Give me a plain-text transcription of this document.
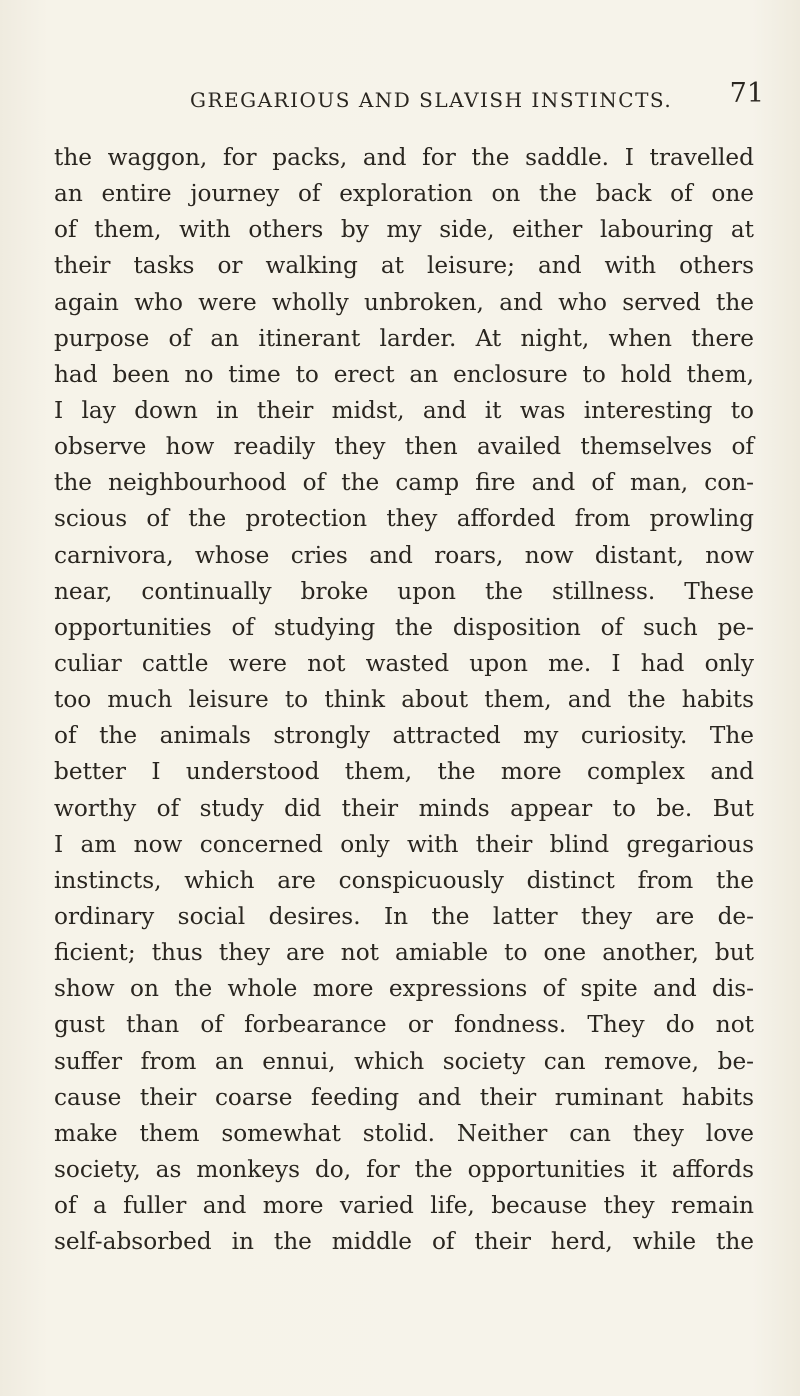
GREGARIOUS AND SLAVISH INSTINCTS. 71
the waggon, for packs, and for the saddle. I travelled
an entire journey of exploration on the back of one
of them, with others by my side, either labouring at
their tasks or walking at leisure; and with others
again who were wholly unbroken, and who served the
purpose of an itinerant larder. At night, when there
had been no time to erect an enclosure to hold them,
I lay down in their midst, and it was interesting to
observe how readily they then availed themselves of
the neighbourhood of the camp fire and of man, con-
scious of the protection they afforded from prowling
carnivora, whose cries and roars, now distant, now
near, continually broke upon the stillness. These
opportunities of studying the disposition of such pe-
culiar cattle were not wasted upon me. I had only
too much leisure to think about them, and the habits
of the animals strongly attracted my curiosity. The
better I understood them, the more complex and
worthy of study did their minds appear to be. But
I am now concerned only with their blind gregarious
instincts, which are conspicuously distinct from the
ordinary social desires. In the latter they are de-
ficient; thus they are not amiable to one another, but
show on the whole more expressions of spite and dis-
gust than of forbearance or fondness. They do not
suffer from an ennui, which society can remove, be-
cause their coarse feeding and their ruminant habits
make them somewhat stolid. Neither can they love
society, as monkeys do, for the opportunities it affords
of a fuller and more varied life, because they remain
self-absorbed in the middle of their herd, while the
